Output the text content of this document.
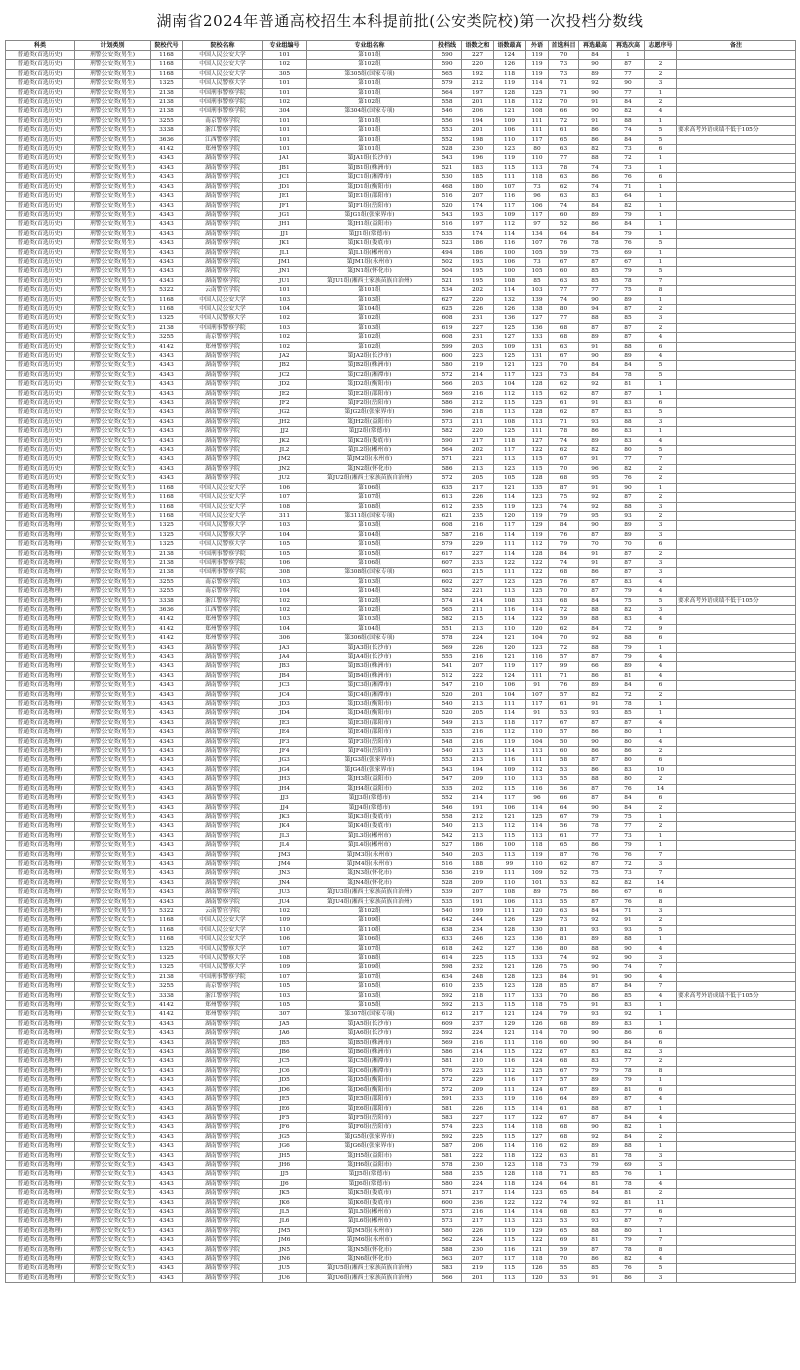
湖南省2024年普通高校招生本科提前批(公安类院校)第一次投档分数线
科类	计划类别	院校代号	院校名称	专业组编号	专业组名称	投档线	语数之和	语数最高	外语	首选科目	再选最高	再选次高	志愿序号	备注
普通类(首选历史)	刑警公安类(男生)	1168	中国人民公安大学	101	第101组	590	227	124	119	70	84	1		
普通类(首选历史)	刑警公安类(男生)	1168	中国人民公安大学	102	第102组	590	220	126	119	73	90	87	2	
普通类(首选历史)	刑警公安类(男生)	1168	中国人民公安大学	305	第305组(国家专项)	565	192	118	119	73	89	77	2	
普通类(首选历史)	刑警公安类(男生)	1325	中国人民警察大学	101	第101组	579	212	119	114	71	92	90	3	
普通类(首选历史)	刑警公安类(男生)	2138	中国刑事警察学院	101	第101组	564	197	128	125	71	90	77	1	
普通类(首选历史)	刑警公安类(男生)	2138	中国刑事警察学院	102	第102组	558	201	118	112	70	91	84	2	
普通类(首选历史)	刑警公安类(男生)	2138	中国刑事警察学院	304	第304组(国家专项)	546	206	121	108	66	90	82	4	
普通类(首选历史)	刑警公安类(男生)	3255	南京警察学院	101	第101组	556	194	109	111	72	91	88	1	
普通类(首选历史)	刑警公安类(男生)	3338	浙江警察学院	101	第101组	553	201	106	111	61	86	74	5	要求高考外语成绩不低于105分
普通类(首选历史)	刑警公安类(男生)	3636	江西警察学院	101	第101组	552	198	110	117	65	86	84	5	
普通类(首选历史)	刑警公安类(男生)	4142	郑州警察学院	101	第101组	528	230	123	80	63	82	73	6	
普通类(首选历史)	刑警公安类(男生)	4343	湖南警察学院	JA1	第JA1组(长沙市)	543	196	119	110	77	88	72	1	
普通类(首选历史)	刑警公安类(男生)	4343	湖南警察学院	JB1	第JB1组(株洲市)	521	183	115	113	78	74	73	1	
普通类(首选历史)	刑警公安类(男生)	4343	湖南警察学院	JC1	第JC1组(湘潭市)	530	185	111	118	63	86	76	6	
普通类(首选历史)	刑警公安类(男生)	4343	湖南警察学院	JD1	第JD1组(衡阳市)	468	180	107	73	62	74	71	1	
普通类(首选历史)	刑警公安类(男生)	4343	湖南警察学院	JE1	第JE1组(邵阳市)	516	207	116	96	63	83	64	1	
普通类(首选历史)	刑警公安类(男生)	4343	湖南警察学院	JF1	第JF1组(岳阳市)	520	174	117	106	74	84	82	1	
普通类(首选历史)	刑警公安类(男生)	4343	湖南警察学院	JG1	第JG1组(张家界市)	543	193	109	117	60	89	79	1	
普通类(首选历史)	刑警公安类(男生)	4343	湖南警察学院	JH1	第JH1组(益阳市)	516	197	112	97	52	86	84	1	
普通类(首选历史)	刑警公安类(男生)	4343	湖南警察学院	JJ1	第JJ1组(常德市)	535	174	114	134	64	84	79	1	
普通类(首选历史)	刑警公安类(男生)	4343	湖南警察学院	JK1	第JK1组(娄底市)	523	186	116	107	76	78	76	5	
普通类(首选历史)	刑警公安类(男生)	4343	湖南警察学院	JL1	第JL1组(郴州市)	494	186	100	105	59	75	69	1	
普通类(首选历史)	刑警公安类(男生)	4343	湖南警察学院	JM1	第JM1组(永州市)	502	193	106	73	67	87	67	1	
普通类(首选历史)	刑警公安类(男生)	4343	湖南警察学院	JN1	第JN1组(怀化市)	504	195	100	105	60	85	79	5	
普通类(首选历史)	刑警公安类(男生)	4343	湖南警察学院	JU1	第JU1组(湘西土家族苗族自治州)	521	195	108	85	63	85	78	7	
普通类(首选历史)	刑警公安类(男生)	5322	云南警官学院	101	第101组	534	202	114	103	77	77	75	8	
普通类(首选历史)	刑警公安类(女生)	1168	中国人民公安大学	103	第103组	627	220	132	139	74	90	89	1	
普通类(首选历史)	刑警公安类(女生)	1168	中国人民公安大学	104	第104组	625	226	126	138	80	94	87	2	
普通类(首选历史)	刑警公安类(女生)	1325	中国人民警察大学	102	第102组	608	231	136	127	77	88	85	3	
普通类(首选历史)	刑警公安类(女生)	2138	中国刑事警察学院	103	第103组	619	227	125	136	68	87	87	2	
普通类(首选历史)	刑警公安类(女生)	3255	南京警察学院	102	第102组	608	231	127	133	68	89	87	4	
普通类(首选历史)	刑警公安类(女生)	4142	郑州警察学院	102	第102组	599	203	109	131	63	91	88	6	
普通类(首选历史)	刑警公安类(女生)	4343	湖南警察学院	JA2	第JA2组(长沙市)	600	223	125	131	67	90	89	4	
普通类(首选历史)	刑警公安类(女生)	4343	湖南警察学院	JB2	第JB2组(株洲市)	580	219	121	123	70	84	84	5	
普通类(首选历史)	刑警公安类(女生)	4343	湖南警察学院	JC2	第JC2组(湘潭市)	572	214	117	123	73	84	78	5	
普通类(首选历史)	刑警公安类(女生)	4343	湖南警察学院	JD2	第JD2组(衡阳市)	566	203	104	128	62	92	81	1	
普通类(首选历史)	刑警公安类(女生)	4343	湖南警察学院	JE2	第JE2组(邵阳市)	569	216	112	115	62	87	87	1	
普通类(首选历史)	刑警公安类(女生)	4343	湖南警察学院	JF2	第JF2组(岳阳市)	586	212	115	125	61	91	83	6	
普通类(首选历史)	刑警公安类(女生)	4343	湖南警察学院	JG2	第JG2组(张家界市)	596	218	113	128	62	87	83	5	
普通类(首选历史)	刑警公安类(女生)	4343	湖南警察学院	JH2	第JH2组(益阳市)	573	211	108	113	71	93	88	3	
普通类(首选历史)	刑警公安类(女生)	4343	湖南警察学院	JJ2	第JJ2组(常德市)	582	220	125	111	78	86	83	1	
普通类(首选历史)	刑警公安类(女生)	4343	湖南警察学院	JK2	第JK2组(娄底市)	590	217	118	127	74	89	83	4	
普通类(首选历史)	刑警公安类(女生)	4343	湖南警察学院	JL2	第JL2组(郴州市)	564	202	117	122	62	82	80	5	
普通类(首选历史)	刑警公安类(女生)	4343	湖南警察学院	JM2	第JM2组(永州市)	571	221	113	115	67	91	77	7	
普通类(首选历史)	刑警公安类(女生)	4343	湖南警察学院	JN2	第JN2组(怀化市)	586	213	123	115	70	96	82	2	
普通类(首选历史)	刑警公安类(女生)	4343	湖南警察学院	JU2	第JU2组(湘西土家族苗族自治州)	572	205	105	128	68	95	76	2	
普通类(首选物理)	刑警公安类(男生)	1168	中国人民公安大学	106	第106组	635	217	121	135	87	91	90	1	
普通类(首选物理)	刑警公安类(男生)	1168	中国人民公安大学	107	第107组	613	226	114	123	75	92	87	2	
普通类(首选物理)	刑警公安类(男生)	1168	中国人民公安大学	108	第108组	612	235	119	123	74	92	88	3	
普通类(首选物理)	刑警公安类(男生)	1168	中国人民公安大学	311	第311组(国家专项)	621	235	120	119	79	95	93	2	
普通类(首选物理)	刑警公安类(男生)	1325	中国人民警察大学	103	第103组	608	216	117	129	84	90	89	3	
普通类(首选物理)	刑警公安类(男生)	1325	中国人民警察大学	104	第104组	587	216	114	119	76	87	89	3	
普通类(首选物理)	刑警公安类(男生)	1325	中国人民警察大学	105	第105组	579	229	111	112	79	70	70	6	
普通类(首选物理)	刑警公安类(男生)	2138	中国刑事警察学院	105	第105组	617	227	114	128	84	91	87	2	
普通类(首选物理)	刑警公安类(男生)	2138	中国刑事警察学院	106	第106组	607	233	122	122	74	91	87	3	
普通类(首选物理)	刑警公安类(男生)	2138	中国刑事警察学院	308	第308组(国家专项)	603	215	111	122	68	86	87	3	
普通类(首选物理)	刑警公安类(男生)	3255	南京警察学院	103	第103组	602	227	123	125	76	87	83	4	
普通类(首选物理)	刑警公安类(男生)	3255	南京警察学院	104	第104组	582	221	113	125	70	87	79	4	
普通类(首选物理)	刑警公安类(男生)	3338	浙江警察学院	102	第102组	574	214	108	133	68	84	75	5	要求高考外语成绩不低于105分
普通类(首选物理)	刑警公安类(男生)	3636	江西警察学院	102	第102组	565	211	116	114	72	88	82	3	
普通类(首选物理)	刑警公安类(男生)	4142	郑州警察学院	103	第103组	582	215	114	122	59	88	83	4	
普通类(首选物理)	刑警公安类(男生)	4142	郑州警察学院	104	第104组	551	213	110	120	62	84	72	9	
普通类(首选物理)	刑警公安类(男生)	4142	郑州警察学院	306	第306组(国家专项)	578	224	121	104	70	92	88	6	
普通类(首选物理)	刑警公安类(男生)	4343	湖南警察学院	JA3	第JA3组(长沙市)	569	226	120	123	72	88	79	1	
普通类(首选物理)	刑警公安类(男生)	4343	湖南警察学院	JA4	第JA4组(长沙市)	555	216	121	116	57	87	79	4	
普通类(首选物理)	刑警公安类(男生)	4343	湖南警察学院	JB3	第JB3组(株洲市)	541	207	119	117	99	66	89	4	
普通类(首选物理)	刑警公安类(男生)	4343	湖南警察学院	JB4	第JB4组(株洲市)	512	222	124	111	71	86	81	4	
普通类(首选物理)	刑警公安类(男生)	4343	湖南警察学院	JC3	第JC3组(湘潭市)	547	210	106	91	76	89	84	6	
普通类(首选物理)	刑警公安类(男生)	4343	湖南警察学院	JC4	第JC4组(湘潭市)	520	201	104	107	57	82	72	2	
普通类(首选物理)	刑警公安类(男生)	4343	湖南警察学院	JD3	第JD3组(衡阳市)	540	213	111	117	61	91	78	1	
普通类(首选物理)	刑警公安类(男生)	4343	湖南警察学院	JD4	第JD4组(衡阳市)	520	205	114	91	53	93	85	1	
普通类(首选物理)	刑警公安类(男生)	4343	湖南警察学院	JE3	第JE3组(邵阳市)	549	213	118	117	67	87	87	4	
普通类(首选物理)	刑警公安类(男生)	4343	湖南警察学院	JE4	第JE4组(邵阳市)	535	216	112	110	57	86	80	1	
普通类(首选物理)	刑警公安类(男生)	4343	湖南警察学院	JF3	第JF3组(岳阳市)	548	216	119	104	50	90	80	4	
普通类(首选物理)	刑警公安类(男生)	4343	湖南警察学院	JF4	第JF4组(岳阳市)	540	213	114	113	60	86	86	2	
普通类(首选物理)	刑警公安类(男生)	4343	湖南警察学院	JG3	第JG3组(张家界市)	553	213	116	111	58	87	80	6	
普通类(首选物理)	刑警公安类(男生)	4343	湖南警察学院	JG4	第JG4组(张家界市)	543	194	109	112	53	86	83	10	
普通类(首选物理)	刑警公安类(男生)	4343	湖南警察学院	JH3	第JH3组(益阳市)	547	209	110	113	55	88	80	2	
普通类(首选物理)	刑警公安类(男生)	4343	湖南警察学院	JH4	第JH4组(益阳市)	535	202	115	116	56	87	76	14	
普通类(首选物理)	刑警公安类(男生)	4343	湖南警察学院	JJ3	第JJ3组(常德市)	552	214	117	96	66	87	84	6	
普通类(首选物理)	刑警公安类(男生)	4343	湖南警察学院	JJ4	第JJ4组(常德市)	546	191	106	114	64	90	84	2	
普通类(首选物理)	刑警公安类(男生)	4343	湖南警察学院	JK3	第JK3组(娄底市)	558	212	121	125	67	79	75	1	
普通类(首选物理)	刑警公安类(男生)	4343	湖南警察学院	JK4	第JK4组(娄底市)	540	213	112	114	56	78	77	2	
普通类(首选物理)	刑警公安类(男生)	4343	湖南警察学院	JL3	第JL3组(郴州市)	542	213	115	113	61	77	73	1	
普通类(首选物理)	刑警公安类(男生)	4343	湖南警察学院	JL4	第JL4组(郴州市)	527	186	100	118	65	86	79	1	
普通类(首选物理)	刑警公安类(男生)	4343	湖南警察学院	JM3	第JM3组(永州市)	540	203	113	119	87	76	76	7	
普通类(首选物理)	刑警公安类(男生)	4343	湖南警察学院	JM4	第JM4组(永州市)	516	188	99	110	62	87	72	3	
普通类(首选物理)	刑警公安类(男生)	4343	湖南警察学院	JN3	第JN3组(怀化市)	536	219	111	109	52	75	73	7	
普通类(首选物理)	刑警公安类(男生)	4343	湖南警察学院	JN4	第JN4组(怀化市)	528	209	110	101	53	82	82	14	
普通类(首选物理)	刑警公安类(男生)	4343	湖南警察学院	JU3	第JU3组(湘西土家族苗族自治州)	539	207	108	89	75	86	67	6	
普通类(首选物理)	刑警公安类(男生)	4343	湖南警察学院	JU4	第JU4组(湘西土家族苗族自治州)	535	191	106	113	55	87	76	8	
普通类(首选物理)	刑警公安类(男生)	5322	云南警官学院	102	第102组	540	199	111	120	63	84	71	3	
普通类(首选物理)	刑警公安类(女生)	1168	中国人民公安大学	109	第109组	642	244	126	129	73	92	91	2	
普通类(首选物理)	刑警公安类(女生)	1168	中国人民公安大学	110	第110组	638	234	128	130	81	93	93	5	
普通类(首选物理)	刑警公安类(女生)	1168	中国人民公安大学	106	第106组	633	246	123	136	81	89	88	1	
普通类(首选物理)	刑警公安类(女生)	1325	中国人民警察大学	107	第107组	618	242	127	136	80	88	90	4	
普通类(首选物理)	刑警公安类(女生)	1325	中国人民警察大学	108	第108组	614	225	115	133	74	92	90	3	
普通类(首选物理)	刑警公安类(女生)	1325	中国人民警察大学	109	第109组	598	232	121	126	75	90	74	7	
普通类(首选物理)	刑警公安类(女生)	2138	中国刑事警察学院	107	第107组	634	248	128	123	84	91	90	4	
普通类(首选物理)	刑警公安类(女生)	3255	南京警察学院	105	第105组	610	235	123	128	85	87	84	7	
普通类(首选物理)	刑警公安类(女生)	3338	浙江警察学院	103	第103组	592	218	117	133	70	86	85	4	要求高考外语成绩不低于105分
普通类(首选物理)	刑警公安类(女生)	4142	郑州警察学院	105	第105组	592	213	115	118	75	91	83	1	
普通类(首选物理)	刑警公安类(女生)	4142	郑州警察学院	307	第307组(国家专项)	612	217	121	124	79	93	92	1	
普通类(首选物理)	刑警公安类(女生)	4343	湖南警察学院	JA5	第JA5组(长沙市)	609	237	129	126	68	89	83	1	
普通类(首选物理)	刑警公安类(女生)	4343	湖南警察学院	JA6	第JA6组(长沙市)	592	224	121	114	70	90	86	6	
普通类(首选物理)	刑警公安类(女生)	4343	湖南警察学院	JB5	第JB5组(株洲市)	569	216	111	116	60	90	84	6	
普通类(首选物理)	刑警公安类(女生)	4343	湖南警察学院	JB6	第JB6组(株洲市)	586	214	115	122	67	83	82	3	
普通类(首选物理)	刑警公安类(女生)	4343	湖南警察学院	JC5	第JC5组(湘潭市)	581	210	116	124	68	83	77	2	
普通类(首选物理)	刑警公安类(女生)	4343	湖南警察学院	JC6	第JC6组(湘潭市)	576	223	112	125	67	79	78	8	
普通类(首选物理)	刑警公安类(女生)	4343	湖南警察学院	JD5	第JD5组(衡阳市)	572	229	116	117	57	89	79	1	
普通类(首选物理)	刑警公安类(女生)	4343	湖南警察学院	JD6	第JD6组(衡阳市)	572	209	111	124	67	89	81	6	
普通类(首选物理)	刑警公安类(女生)	4343	湖南警察学院	JE5	第JE5组(邵阳市)	591	233	119	116	64	89	87	4	
普通类(首选物理)	刑警公安类(女生)	4343	湖南警察学院	JE6	第JE6组(邵阳市)	581	226	115	114	61	88	87	1	
普通类(首选物理)	刑警公安类(女生)	4343	湖南警察学院	JF5	第JF5组(岳阳市)	583	227	117	122	67	87	84	4	
普通类(首选物理)	刑警公安类(女生)	4343	湖南警察学院	JF6	第JF6组(岳阳市)	574	223	114	118	68	90	82	1	
普通类(首选物理)	刑警公安类(女生)	4343	湖南警察学院	JG5	第JG5组(张家界市)	592	225	115	127	68	92	84	2	
普通类(首选物理)	刑警公安类(女生)	4343	湖南警察学院	JG6	第JG6组(张家界市)	587	206	114	116	62	89	88	1	
普通类(首选物理)	刑警公安类(女生)	4343	湖南警察学院	JH5	第JH5组(益阳市)	581	222	118	122	63	81	78	3	
普通类(首选物理)	刑警公安类(女生)	4343	湖南警察学院	JH6	第JH6组(益阳市)	578	230	123	118	73	79	69	3	
普通类(首选物理)	刑警公安类(女生)	4343	湖南警察学院	JJ5	第JJ5组(常德市)	588	235	128	118	71	85	76	1	
普通类(首选物理)	刑警公安类(女生)	4343	湖南警察学院	JJ6	第JJ6组(常德市)	580	224	118	124	64	81	78	4	
普通类(首选物理)	刑警公安类(女生)	4343	湖南警察学院	JK5	第JK5组(娄底市)	571	217	114	123	65	84	81	2	
普通类(首选物理)	刑警公安类(女生)	4343	湖南警察学院	JK6	第JK6组(娄底市)	600	236	122	122	74	92	81	11	
普通类(首选物理)	刑警公安类(女生)	4343	湖南警察学院	JL5	第JL5组(郴州市)	573	216	114	114	68	83	77	6	
普通类(首选物理)	刑警公安类(女生)	4343	湖南警察学院	JL6	第JL6组(郴州市)	573	217	113	123	53	93	87	7	
普通类(首选物理)	刑警公安类(女生)	4343	湖南警察学院	JM5	第JM5组(永州市)	580	226	119	129	65	88	80	1	
普通类(首选物理)	刑警公安类(女生)	4343	湖南警察学院	JM6	第JM6组(永州市)	562	224	115	122	69	81	79	7	
普通类(首选物理)	刑警公安类(女生)	4343	湖南警察学院	JN5	第JN5组(怀化市)	588	230	116	121	59	87	78	8	
普通类(首选物理)	刑警公安类(女生)	4343	湖南警察学院	JN6	第JN6组(怀化市)	563	207	117	118	70	86	82	4	
普通类(首选物理)	刑警公安类(女生)	4343	湖南警察学院	JU5	第JU5组(湘西土家族苗族自治州)	583	219	115	126	55	85	76	5	
普通类(首选物理)	刑警公安类(女生)	4343	湖南警察学院	JU6	第JU6组(湘西土家族苗族自治州)	566	201	113	120	53	91	86	3	
